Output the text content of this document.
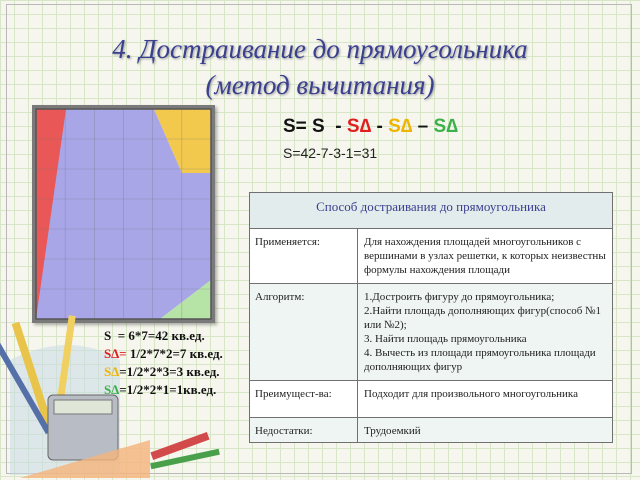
4. Достраивание до прямоугольника
(метод вычитания)
S= S  - S∆ - S∆ – S∆
S=42-7-3-1=31
Способ достраивания до прямоугольника
Применяется:	Для нахождения площадей многоугольников с вершинами в узлах решетки, к которых неизвестны формулы нахождения площади
Алгоритм:	1.Достроить фигуру до прямоугольника;
2.Найти площадь дополняющих фигур(способ №1 или №2);
3. Найти площадь прямоугольника
4. Вычесть из площади прямоугольника площади дополняющих фигур
Преимущест-ва:	Подходит для произвольного многоугольника
Недостатки:	Трудоемкий
S  = 6*7=42 кв.ед.
S∆= 1/2*7*2=7 кв.ед.
S∆=1/2*2*3=3 кв.ед.
S∆=1/2*2*1=1кв.ед.
